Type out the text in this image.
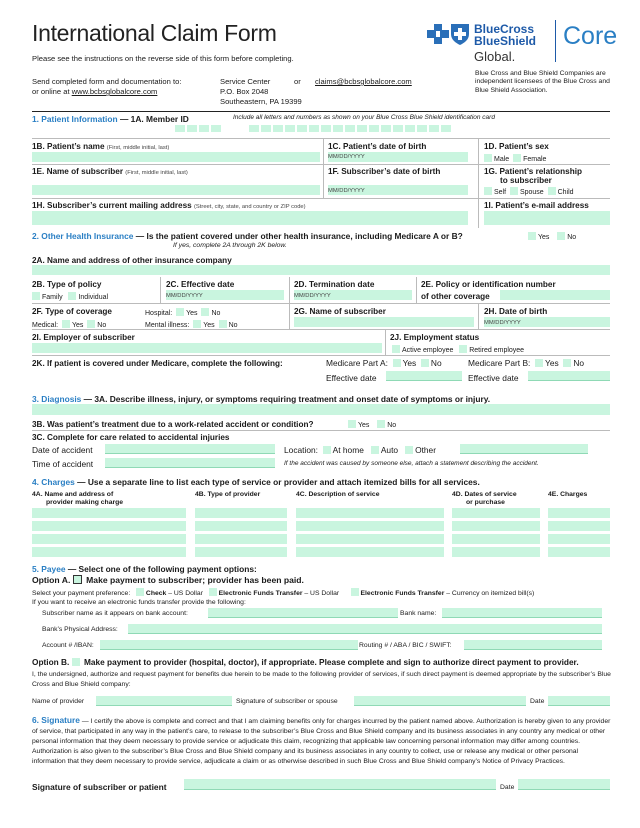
International Claim Form
Please see the instructions on the reverse side of this form before completing.
Send completed form and documentation to:
or online at www.bcbsglobalcore.com
Service Center	or claims@bcbsglobalcore.com
P.O. Box 2048
Southeastern, PA 19399
BlueCross
BlueShield
Global.
Core
Blue Cross and Blue Shield Companies are independent licensees of the Blue Cross and Blue Shield Association.
1. Patient Information — 1A. Member ID	Include all letters and numbers as shown on your Blue Cross Blue Shield identification card
1B. Patient’s name (First, middle initial, last)	1C. Patient’s date of birth
MM/DD/YYYY
1D. Patient’s sex
Male Female
1E. Name of subscriber (First, middle initial, last)	1F. Subscriber’s date of birth
MM/DD/YYYY
1G. Patient’s relationship
to subscriber
Self Spouse Child
1H. Subscriber’s current mailing address (Street, city, state, and country or ZIP code)	1I. Patient’s e-mail address
2. Other Health Insurance — Is the patient covered under other health insurance, including Medicare A or B?	Yes	No
If yes, complete 2A through 2K below.
2A. Name and address of other insurance company
2B. Type of policy
Family Individual
2C. Effective date
MM/DD/YYYY
2D. Termination date
MM/DD/YYYY
2E. Policy or identification number
of other coverage
2F. Type of coverage	Hospital: Yes No
Medical: Yes No	Mental illness: Yes No
2G. Name of subscriber	2H. Date of birth
MM/DD/YYYY
2I. Employer of subscriber	2J. Employment status
Active employee Retired employee
2K. If patient is covered under Medicare, complete the following:	Medicare Part A: Yes No	Medicare Part B: Yes No
Effective date	Effective date
3. Diagnosis — 3A. Describe illness, injury, or symptoms requiring treatment and onset date of symptoms or injury.
3B. Was patient’s treatment due to a work-related accident or condition?	Yes	No
3C. Complete for care related to accidental injuries
Date of accident
Time of accident
Location: At home Auto Other
If the accident was caused by someone else, attach a statement describing the accident.
4. Charges — Use a separate line to list each type of service or provider and attach itemized bills for all services.
4A. Name and address of
provider making charge
4B. Type of provider	4C. Description of service	4D. Dates of service
or purchase
4E. Charges
5. Payee — Select one of the following payment options:
Option A. Make payment to subscriber; provider has been paid.
Select your payment preference: Check – US Dollar Electronic Funds Transfer – US Dollar	Electronic Funds Transfer – Currency on itemized bill(s)
If you want to receive an electronic funds transfer provide the following:
Subscriber name as it appears on bank account:	Bank name:
Bank’s Physical Address:
Account # /IBAN:	Routing # / ABA / BIC / SWIFT:
Option B. Make payment to provider (hospital, doctor), if appropriate. Please complete and sign to authorize direct payment to provider.
I, the undersigned, authorize and request payment for benefits due herein to be made to the following provider of services, if such direct payment is deemed appropriate by the subscriber’s Blue Cross and Blue Shield company:
Name of provider	Signature of subscriber or spouse	Date
6. Signature — I certify the above is complete and correct and that I am claiming benefits only for charges incurred by the patient named above. Authorization is hereby given to any provider of service, that participated in any way in the patient’s care, to release to the subscriber’s Blue Cross and Blue Shield company and its business associates in any country any medical or other personal information that they deem necessary to provide service or adjudicate this claim, recognizing that applicable law concerning personal information may differ among countries. Authorization is also given to the subscriber’s Blue Cross and Blue Shield company and its business associates in any country to collect, use or release any medical or other personal information that they deem necessary to provide service, adjudicate a claim or as otherwise described in such Blue Cross and Blue Shield company’s Notice of Privacy Practices.
Signature of subscriber or patient	Date
